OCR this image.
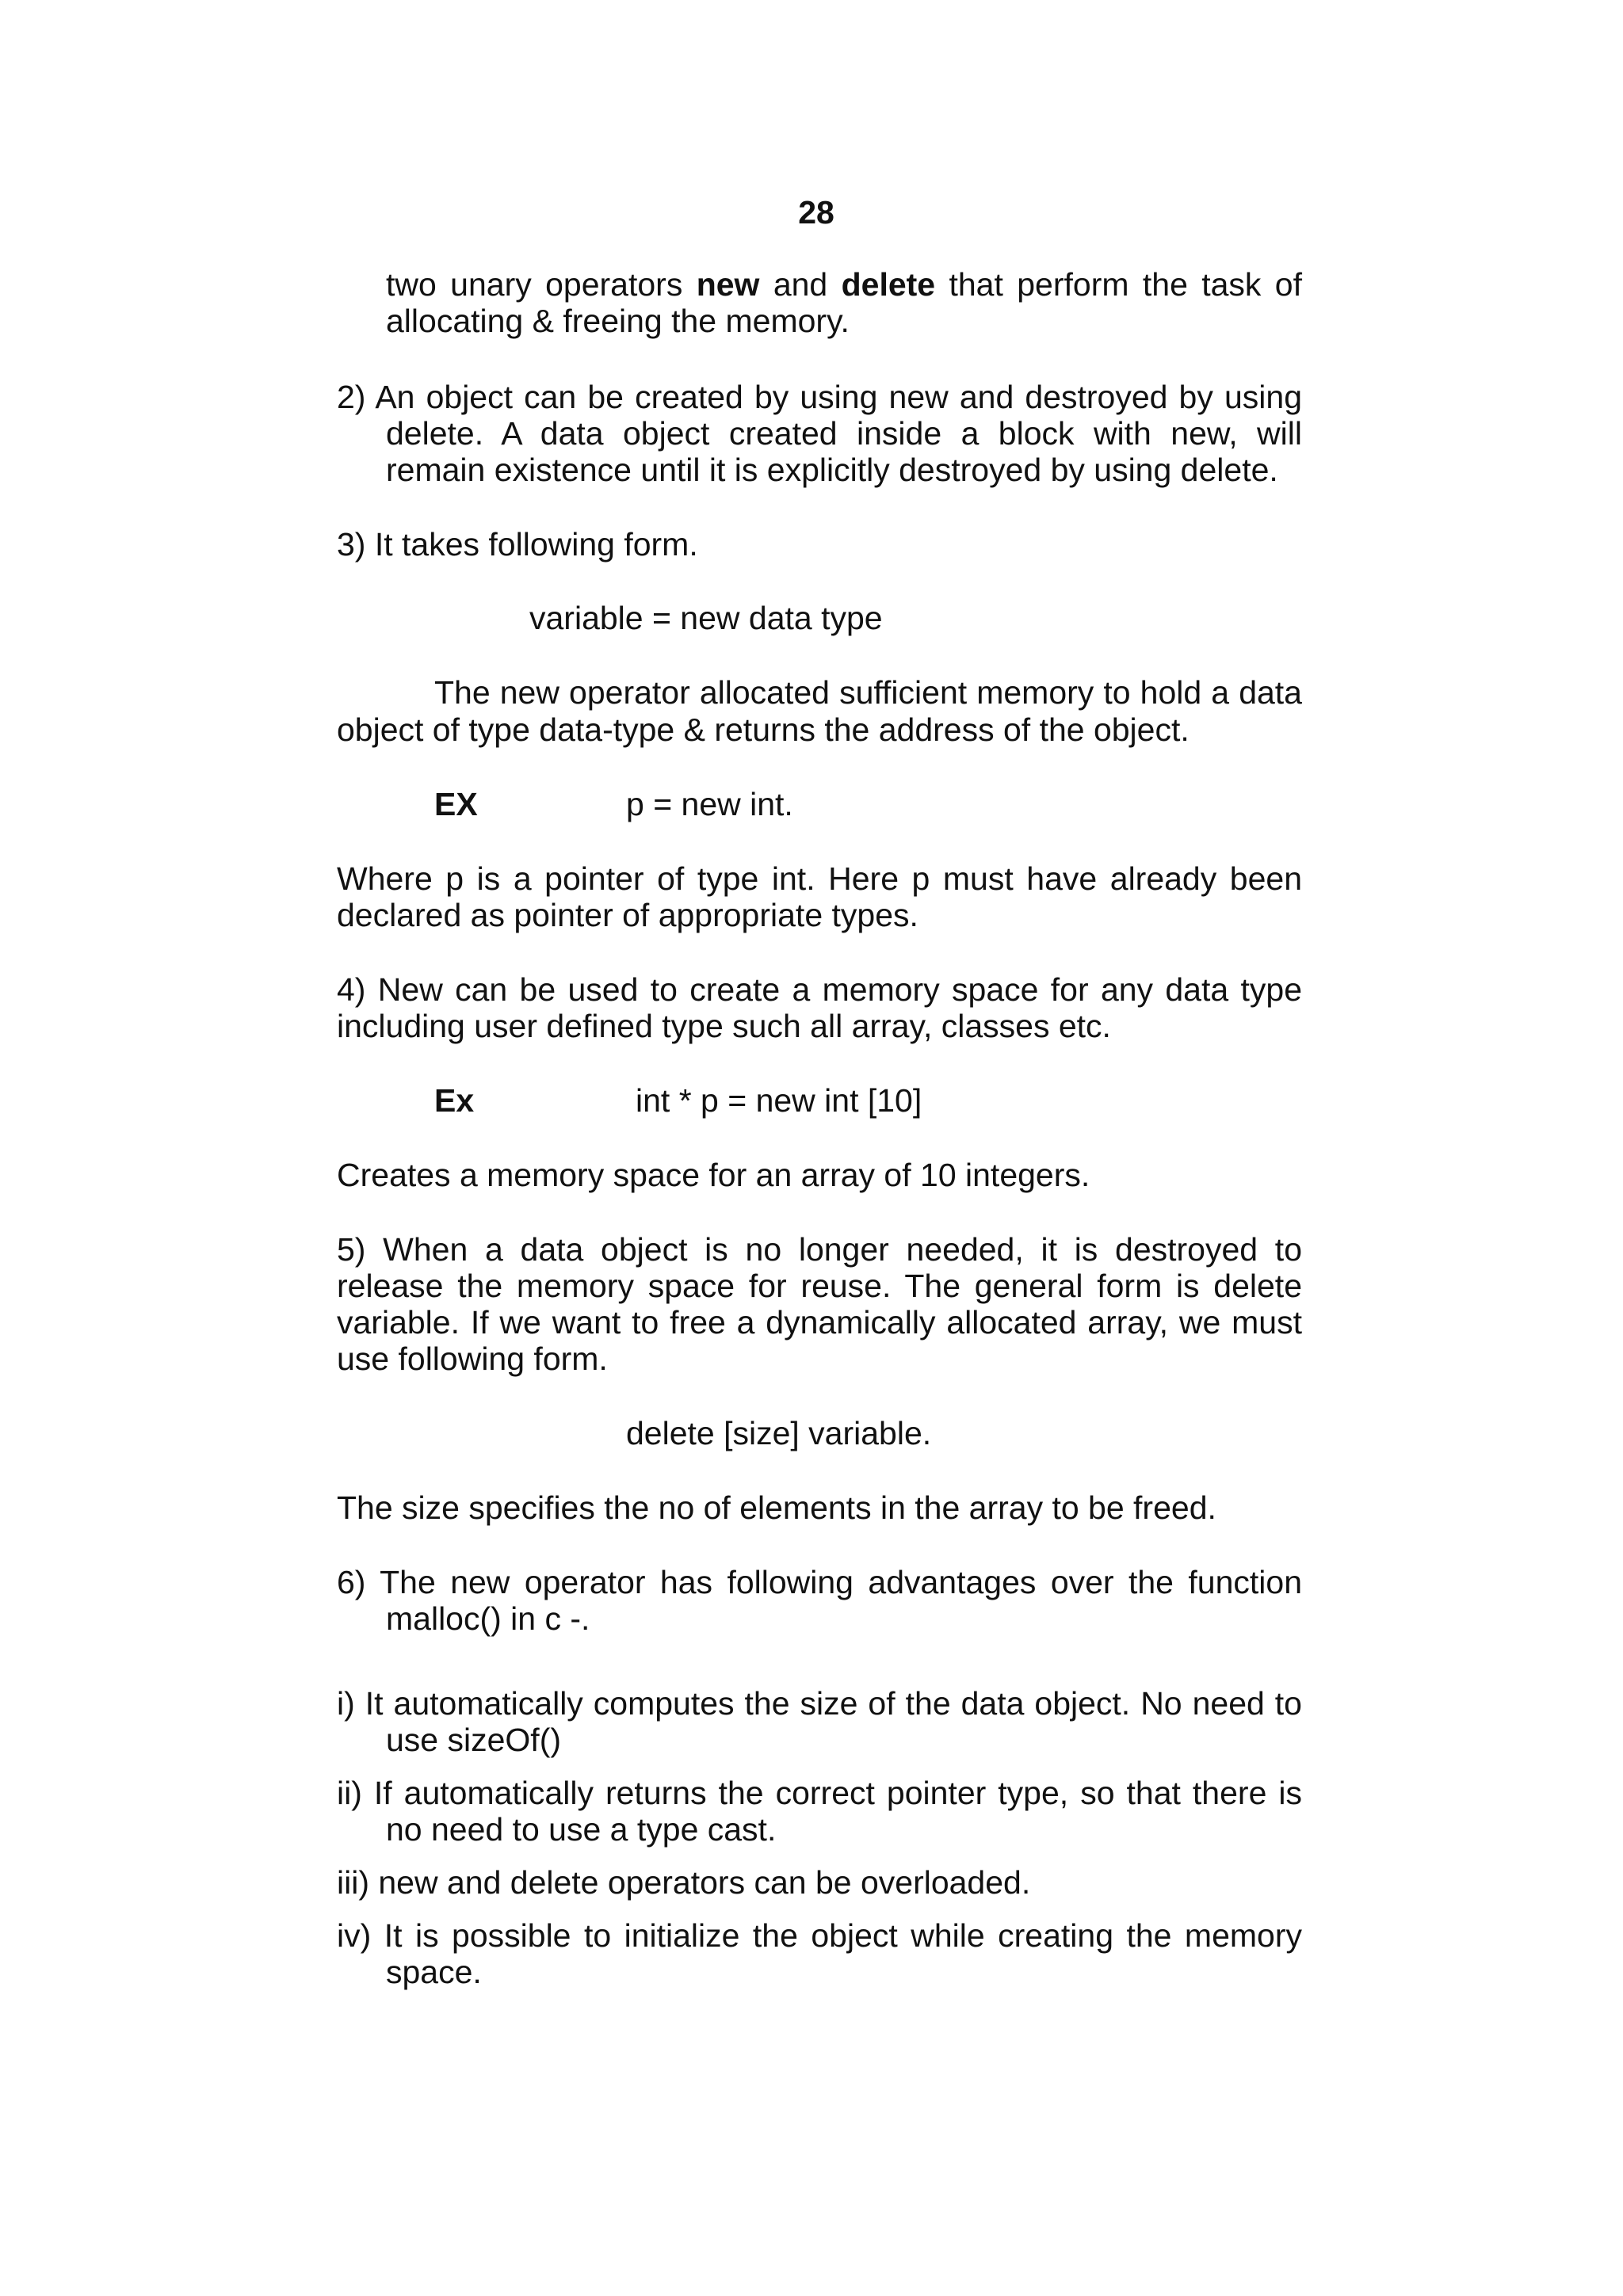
28
two unary operators new and delete that perform the task of
allocating & freeing the memory.
2) An object can be created by using new and destroyed by using
delete. A data object created inside a block with new, will
remain existence until it is explicitly destroyed by using delete.
3) It takes following form.
variable = new data type
The new operator allocated sufficient memory to hold a data
object of type data-type & returns the address of the object.
EX	p = new int.
Where p is a pointer of type int. Here p must have already been
declared as pointer of appropriate types.
4) New can be used to create a memory space for any data type
including user defined type such all array, classes etc.
Ex	int * p = new int [10]
Creates a memory space for an array of 10 integers.
5) When a data object is no longer needed, it is destroyed to
release the memory space for reuse. The general form is delete
variable. If we want to free a dynamically allocated array, we must
use following form.
delete [size] variable.
The size specifies the no of elements in the array to be freed.
6) The new operator has following advantages over the function
malloc() in c -.
i) It automatically computes the size of the data object. No need to
use sizeOf()
ii) If automatically returns the correct pointer type, so that there is
no need to use a type cast.
iii) new and delete operators can be overloaded.
iv) It is possible to initialize the object while creating the memory
space.
